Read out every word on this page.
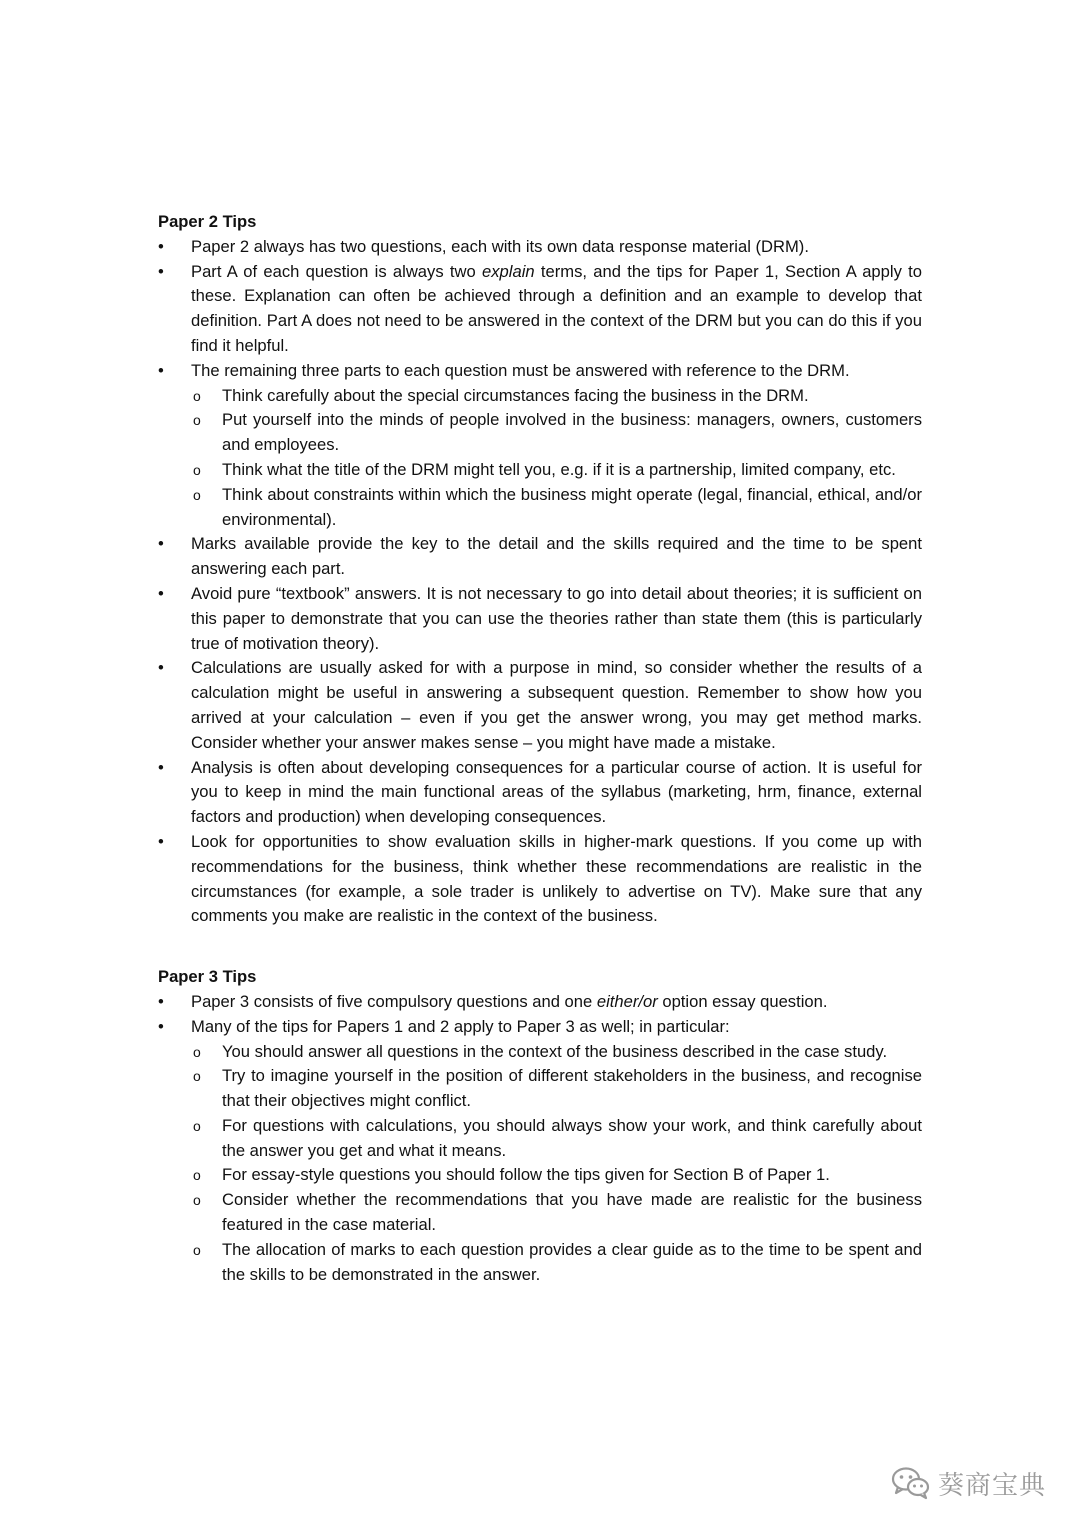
Paper 2 Tips

• Paper 2 always has two questions, each with its own data response material (DRM).
• Part A of each question is always two explain terms, and the tips for Paper 1, Section A apply to these. Explanation can often be achieved through a definition and an example to develop that definition. Part A does not need to be answered in the context of the DRM but you can do this if you find it helpful.
• The remaining three parts to each question must be answered with reference to the DRM.
o Think carefully about the special circumstances facing the business in the DRM.
o Put yourself into the minds of people involved in the business: managers, owners, customers and employees.
o Think what the title of the DRM might tell you, e.g. if it is a partnership, limited company, etc.
o Think about constraints within which the business might operate (legal, financial, ethical, and/or environmental).
• Marks available provide the key to the detail and the skills required and the time to be spent answering each part.
• Avoid pure “textbook” answers. It is not necessary to go into detail about theories; it is sufficient on this paper to demonstrate that you can use the theories rather than state them (this is particularly true of motivation theory).
• Calculations are usually asked for with a purpose in mind, so consider whether the results of a calculation might be useful in answering a subsequent question. Remember to show how you arrived at your calculation – even if you get the answer wrong, you may get method marks. Consider whether your answer makes sense – you might have made a mistake.
• Analysis is often about developing consequences for a particular course of action. It is useful for you to keep in mind the main functional areas of the syllabus (marketing, hrm, finance, external factors and production) when developing consequences.
• Look for opportunities to show evaluation skills in higher-mark questions. If you come up with recommendations for the business, think whether these recommendations are realistic in the circumstances (for example, a sole trader is unlikely to advertise on TV). Make sure that any comments you make are realistic in the context of the business.

Paper 3 Tips

• Paper 3 consists of five compulsory questions and one either/or option essay question.
• Many of the tips for Papers 1 and 2 apply to Paper 3 as well; in particular:
o You should answer all questions in the context of the business described in the case study.
o Try to imagine yourself in the position of different stakeholders in the business, and recognise that their objectives might conflict.
o For questions with calculations, you should always show your work, and think carefully about the answer you get and what it means.
o For essay-style questions you should follow the tips given for Section B of Paper 1.
o Consider whether the recommendations that you have made are realistic for the business featured in the case material.
o The allocation of marks to each question provides a clear guide as to the time to be spent and the skills to be demonstrated in the answer.
葵商宝典
